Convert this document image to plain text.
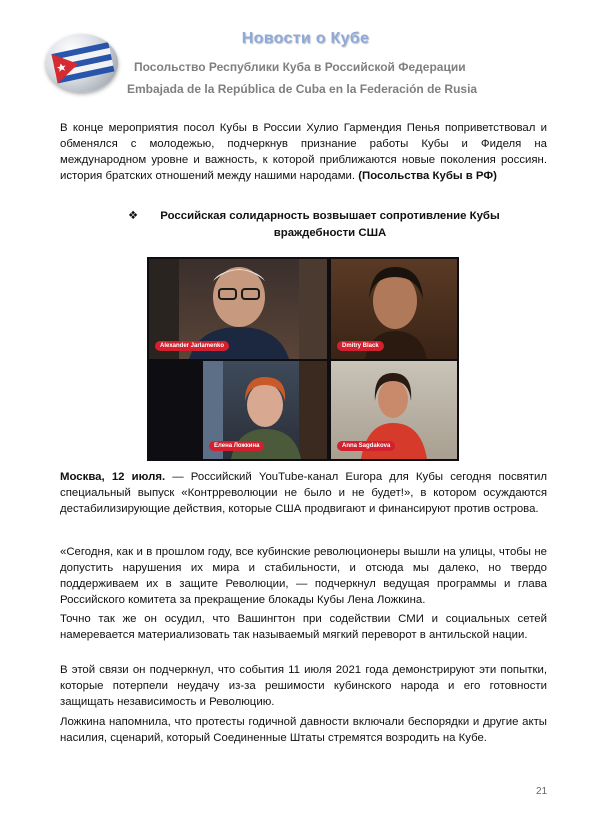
Новости о Кубе
Посольство Республики Куба в Российской Федерации
Embajada de la República de Cuba en la Federación de Rusia
В конце мероприятия посол Кубы в России Хулио Гармендия Пенья поприветствовал и обменялся с молодежью, подчеркнув признание работы Кубы и Фиделя на международном уровне и важность, к которой приближаются новые поколения россиян. история братских отношений между нашими народами. (Посольства Кубы в РФ)
❖ Российская солидарность возвышает сопротивление Кубы враждебности США
Alexander Jarlamenko	Dmitry Black
Елена Ложкина	Anna Sagdakova
Москва, 12 июля. — Российский YouTube-канал Europa для Кубы сегодня посвятил специальный выпуск «Контрреволюции не было и не будет!», в котором осуждаются дестабилизирующие действия, которые США продвигают и финансируют против острова.
«Сегодня, как и в прошлом году, все кубинские революционеры вышли на улицы, чтобы не допустить нарушения их мира и стабильности, и отсюда мы далеко, но твердо поддерживаем их в защите Революции, — подчеркнул ведущая программы и глава Российского комитета за прекращение блокады Кубы Лена Ложкина.
Точно так же он осудил, что Вашингтон при содействии СМИ и социальных сетей намеревается материализовать так называемый мягкий переворот в антильской нации.
В этой связи он подчеркнул, что события 11 июля 2021 года демонстрируют эти попытки, которые потерпели неудачу из-за решимости кубинского народа и его готовности защищать независимость и Революцию.
Ложкина напомнила, что протесты годичной давности включали беспорядки и другие акты насилия, сценарий, который Соединенные Штаты стремятся возродить на Кубе.
21
